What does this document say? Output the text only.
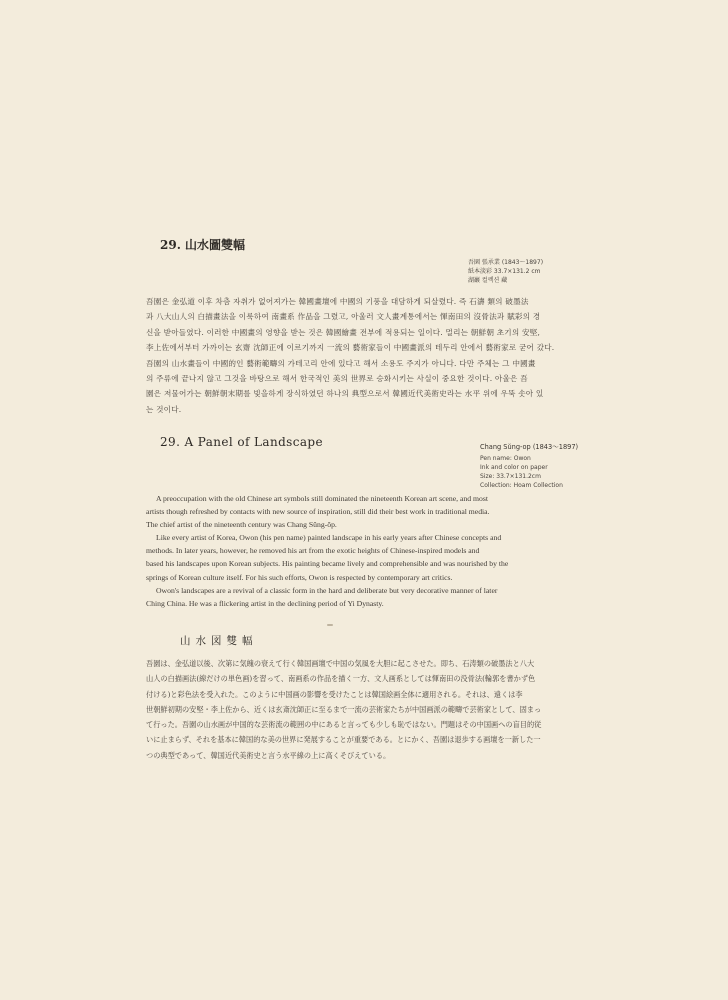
29. 山水圖雙幅
吾園 張承業 (1843～1897)
紙本淡彩 33.7×131.2 cm
湖巖 컬렉션 藏
吾園은 金弘道 이후 차츰 자취가 없어져가는 韓國畫壇에 中國의 기풍을 대담하게 되살렸다. 즉 石濤 類의 破墨法
과 八大山人의 白描畫法을 이룩하여 南畫系 作品을 그렸고, 아울러 文人畫계통에서는 惲南田의 沒骨法과 賦彩의 경
신을 받아들였다. 이러한 中國畫의 영향을 받는 것은 韓國繪畫 전부에 적용되는 일이다. 멀리는 朝鮮朝 초기의 安堅,
李上佐에서부터 가까이는 玄齋 沈師正에 이르기까지 一流의 藝術家들이 中國畫派의 테두리 안에서 藝術家로 굳어 갔다.
吾園의 山水畫들이 中國的인 藝術範疇의 가테고리 안에 있다고 해서 소용도 주지가 아니다. 다만 주체는 그 中國畫
의 주류에 끝나지 않고 그것을 바탕으로 해서 한국적인 美의 世界로 승화시키는 사실이 중요한 것이다. 아울은 吾
園은 저물어가는 朝鮮朝末期를 빛을하게 장식하였던 하나의 典型으로서 韓國近代美術史라는 水平 위에 우뚝 솟아 있
는 것이다.
29. A Panel of Landscape	Chang Sŭng-op (1843～1897)
Pen name: Owon
Ink and color on paper
Size: 33.7×131.2cm
Collection: Hoam Collection
A preoccupation with the old Chinese art symbols still dominated the nineteenth Korean art scene, and most
artists though refreshed by contacts with new source of inspiration, still did their best work in traditional media.
The chief artist of the nineteenth century was Chang Sŭng-ŏp.
Like every artist of Korea, Owon (his pen name) painted landscape in his early years after Chinese concepts and
methods. In later years, however, he removed his art from the exotic heights of Chinese-inspired models and
based his landscapes upon Korean subjects. His painting became lively and comprehensible and was nourished by the
springs of Korean culture itself. For his such efforts, Owon is respected by contemporary art critics.
Owon's landscapes are a revival of a classic form in the hard and deliberate but very decorative manner of later
Ching China. He was a flickering artist in the declining period of Yi Dynasty.
山水図雙幅
吾園は、金弘道以後、次第に気魄の衰えて行く韓国画壇で中国の気風を大胆に起こさせた。即ち、石涛類の破墨法と八大
山人の白描画法(線だけの単色画)を習って、南画系の作品を描く一方、文人画系としては惲南田の没骨法(輪郭を書かず色
付ける)と彩色法を受入れた。このように中国画の影響を受けたことは韓国絵画全体に適用される。それは、遠くは李
世朝鮮初期の安堅・李上佐から、近くは玄斎沈師正に至るまで一流の芸術家たちが中国画派の範疇で芸術家として、固まっ
て行った。吾園の山水画が中国的な芸術流の範囲の中にあると言っても少しも恥ではない。門題はその中国画への盲目的従
いに止まらず、それを基本に韓国的な美の世界に発展することが重要である。とにかく、吾園は退歩する画壇を一新した一
つの典型であって、韓国近代美術史と言う水平線の上に高くそびえている。
